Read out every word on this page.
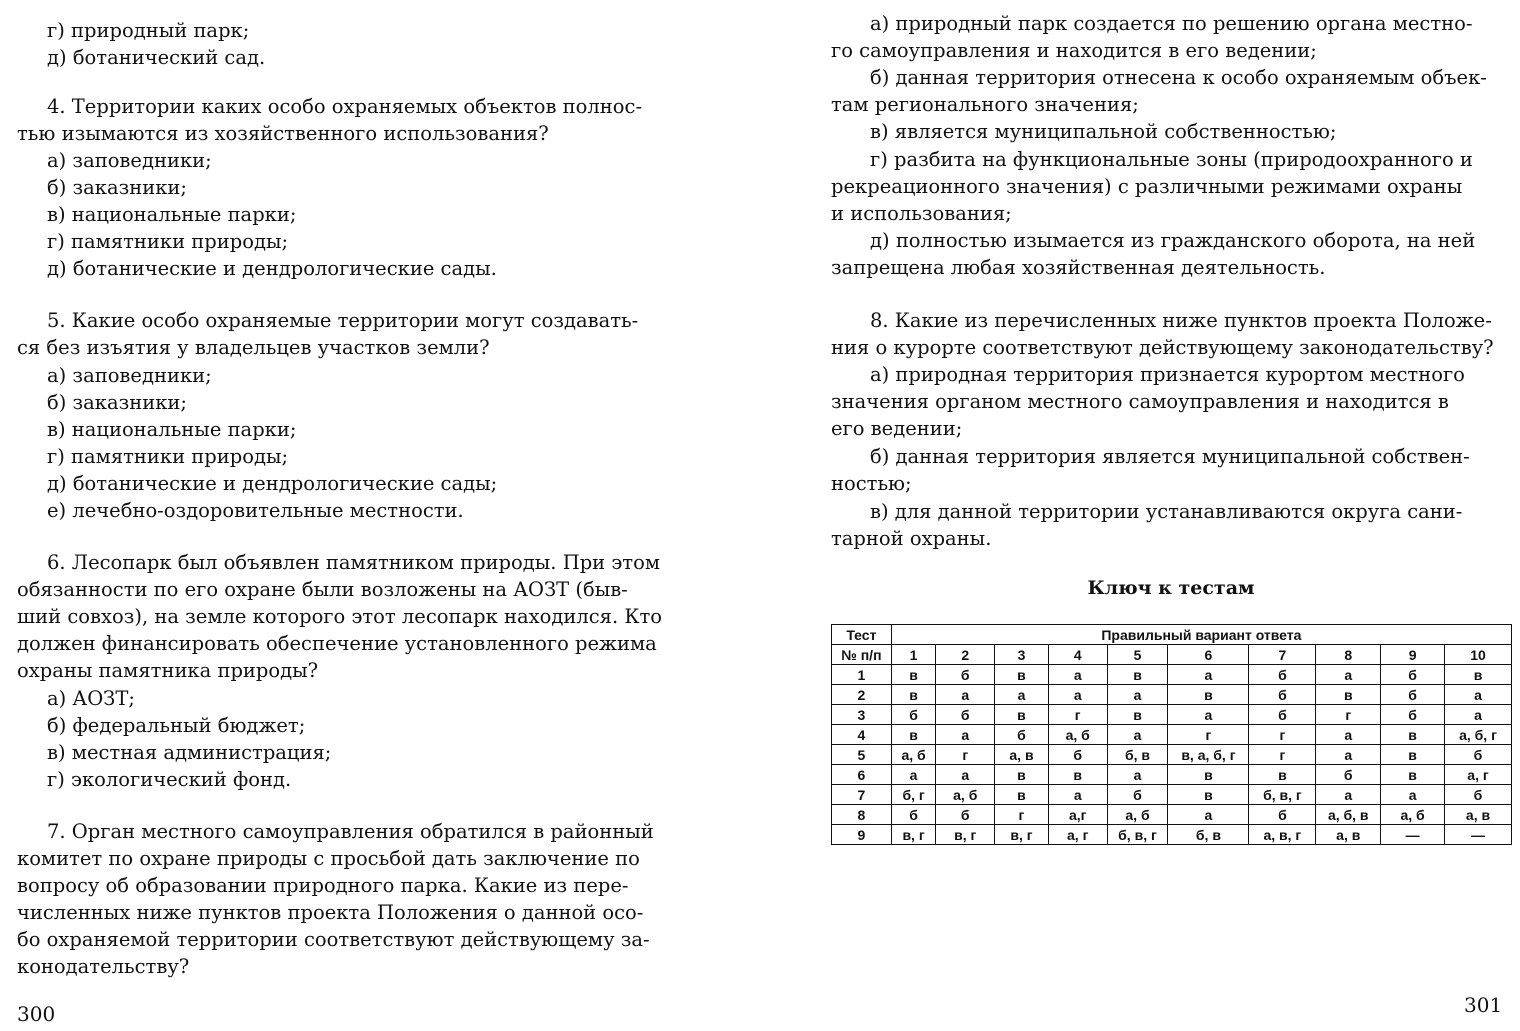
г) природный парк;
д) ботанический сад.
4. Территории каких особо охраняемых объектов полнос-
тью изымаются из хозяйственного использования?
а) заповедники;
б) заказники;
в) национальные парки;
г) памятники природы;
д) ботанические и дендрологические сады.
5. Какие особо охраняемые территории могут создавать-
ся без изъятия у владельцев участков земли?
а) заповедники;
б) заказники;
в) национальные парки;
г) памятники природы;
д) ботанические и дендрологические сады;
е) лечебно-оздоровительные местности.
6. Лесопарк был объявлен памятником природы. При этом
обязанности по его охране были возложены на АОЗТ (быв-
ший совхоз), на земле которого этот лесопарк находился. Кто
должен финансировать обеспечение установленного режима
охраны памятника природы?
а) АОЗТ;
б) федеральный бюджет;
в) местная администрация;
г) экологический фонд.
7. Орган местного самоуправления обратился в районный
комитет по охране природы с просьбой дать заключение по
вопросу об образовании природного парка. Какие из пере-
численных ниже пунктов проекта Положения о данной осо-
бо охраняемой территории соответствуют действующему за-
конодательству?
300
а) природный парк создается по решению органа местно-
го самоуправления и находится в его ведении;
б) данная территория отнесена к особо охраняемым объек-
там регионального значения;
в) является муниципальной собственностью;
г) разбита на функциональные зоны (природоохранного и
рекреационного значения) с различными режимами охраны
и использования;
д) полностью изымается из гражданского оборота, на ней
запрещена любая хозяйственная деятельность.
8. Какие из перечисленных ниже пунктов проекта Положе-
ния о курорте соответствуют действующему законодательству?
а) природная территория признается курортом местного
значения органом местного самоуправления и находится в
его ведении;
б) данная территория является муниципальной собствен-
ностью;
в) для данной территории устанавливаются округа сани-
тарной охраны.
301
Ключ к тестам
Тест	Правильный вариант ответа									
№ п/п	1	2	3	4	5	6	7	8	9	10
1	в	б	в	а	в	а	б	а	б	в
2	в	а	а	а	а	в	б	в	б	а
3	б	б	в	г	в	а	б	г	б	а
4	в	а	б	а, б	а	г	г	а	в	а, б, г
5	а, б	г	а, в	б	б, в	в, а, б, г	г	а	в	б
6	а	а	в	в	а	в	в	б	в	а, г
7	б, г	а, б	в	а	б	в	б, в, г	а	а	б
8	б	б	г	а,г	а, б	а	б	а, б, в	а, б	а, в
9	в, г	в, г	в, г	а, г	б, в, г	б, в	а, в, г	а, в	—	—
